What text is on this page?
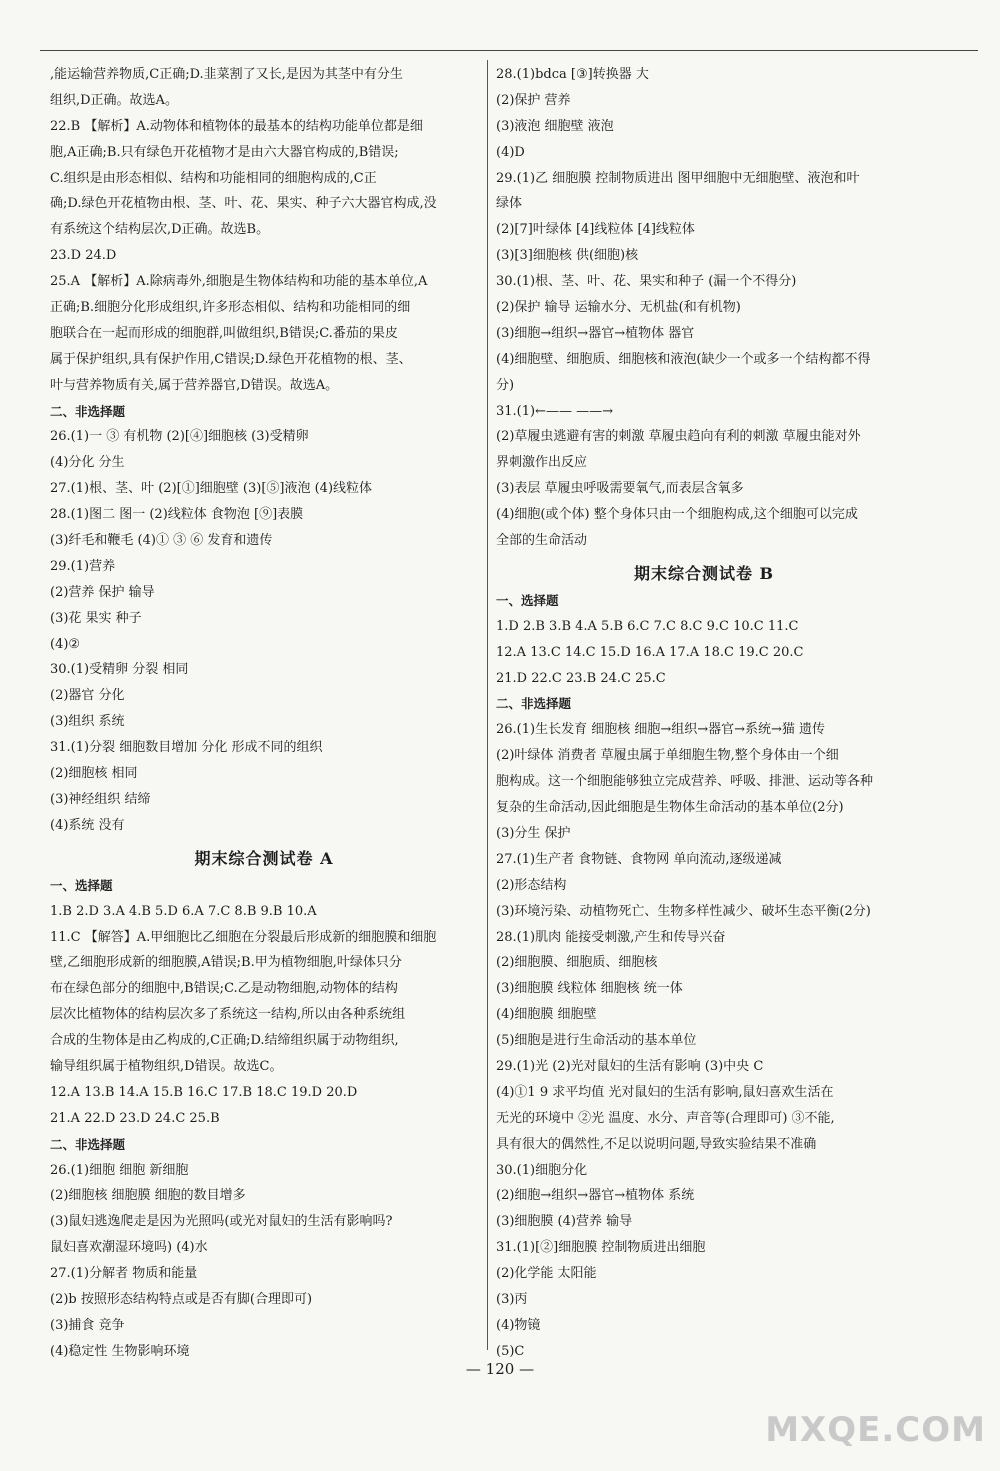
,能运输营养物质,C正确;D.韭菜割了又长,是因为其茎中有分生
组织,D正确。故选A。
22.B 【解析】A.动物体和植物体的最基本的结构功能单位都是细
胞,A正确;B.只有绿色开花植物才是由六大器官构成的,B错误;
C.组织是由形态相似、结构和功能相同的细胞构成的,C正
确;D.绿色开花植物由根、茎、叶、花、果实、种子六大器官构成,没
有系统这个结构层次,D正确。故选B。
23.D 24.D
25.A 【解析】A.除病毒外,细胞是生物体结构和功能的基本单位,A
正确;B.细胞分化形成组织,许多形态相似、结构和功能相同的细
胞联合在一起而形成的细胞群,叫做组织,B错误;C.番茄的果皮
属于保护组织,具有保护作用,C错误;D.绿色开花植物的根、茎、
叶与营养物质有关,属于营养器官,D错误。故选A。
二、非选择题
26.(1)一 ③ 有机物 (2)[④]细胞核 (3)受精卵
(4)分化 分生
27.(1)根、茎、叶 (2)[①]细胞壁 (3)[⑤]液泡 (4)线粒体
28.(1)图二 图一 (2)线粒体 食物泡 [⑨]表膜
(3)纤毛和鞭毛 (4)① ③ ⑥ 发育和遗传
29.(1)营养
(2)营养 保护 输导
(3)花 果实 种子
(4)②
30.(1)受精卵 分裂 相同
(2)器官 分化
(3)组织 系统
31.(1)分裂 细胞数目增加 分化 形成不同的组织
(2)细胞核 相同
(3)神经组织 结缔
(4)系统 没有
期末综合测试卷 A
一、选择题
1.B 2.D 3.A 4.B 5.D 6.A 7.C 8.B 9.B 10.A
11.C 【解答】A.甲细胞比乙细胞在分裂最后形成新的细胞膜和细胞
壁,乙细胞形成新的细胞膜,A错误;B.甲为植物细胞,叶绿体只分
布在绿色部分的细胞中,B错误;C.乙是动物细胞,动物体的结构
层次比植物体的结构层次多了系统这一结构,所以由各种系统组
合成的生物体是由乙构成的,C正确;D.结缔组织属于动物组织,
输导组织属于植物组织,D错误。故选C。
12.A 13.B 14.A 15.B 16.C 17.B 18.C 19.D 20.D
21.A 22.D 23.D 24.C 25.B
二、非选择题
26.(1)细胞 细胞 新细胞
(2)细胞核 细胞膜 细胞的数目增多
(3)鼠妇逃逸爬走是因为光照吗(或光对鼠妇的生活有影响吗?
鼠妇喜欢潮湿环境吗) (4)水
27.(1)分解者 物质和能量
(2)b 按照形态结构特点或是否有脚(合理即可)
(3)捕食 竞争
(4)稳定性 生物影响环境
28.(1)bdca [③]转换器 大
(2)保护 营养
(3)液泡 细胞壁 液泡
(4)D
29.(1)乙 细胞膜 控制物质进出 图甲细胞中无细胞壁、液泡和叶
绿体
(2)[7]叶绿体 [4]线粒体 [4]线粒体
(3)[3]细胞核 供(细胞)核
30.(1)根、茎、叶、花、果实和种子 (漏一个不得分)
(2)保护 输导 运输水分、无机盐(和有机物)
(3)细胞→组织→器官→植物体 器官
(4)细胞壁、细胞质、细胞核和液泡(缺少一个或多一个结构都不得
分)
31.(1)←—— ——→
(2)草履虫逃避有害的刺激 草履虫趋向有利的刺激 草履虫能对外
界刺激作出反应
(3)表层 草履虫呼吸需要氧气,而表层含氧多
(4)细胞(或个体) 整个身体只由一个细胞构成,这个细胞可以完成
全部的生命活动
期末综合测试卷 B
一、选择题
1.D 2.B 3.B 4.A 5.B 6.C 7.C 8.C 9.C 10.C 11.C
12.A 13.C 14.C 15.D 16.A 17.A 18.C 19.C 20.C
21.D 22.C 23.B 24.C 25.C
二、非选择题
26.(1)生长发育 细胞核 细胞→组织→器官→系统→猫 遗传
(2)叶绿体 消费者 草履虫属于单细胞生物,整个身体由一个细
胞构成。这一个细胞能够独立完成营养、呼吸、排泄、运动等各种
复杂的生命活动,因此细胞是生物体生命活动的基本单位(2分)
(3)分生 保护
27.(1)生产者 食物链、食物网 单向流动,逐级递减
(2)形态结构
(3)环境污染、动植物死亡、生物多样性减少、破坏生态平衡(2分)
28.(1)肌肉 能接受刺激,产生和传导兴奋
(2)细胞膜、细胞质、细胞核
(3)细胞膜 线粒体 细胞核 统一体
(4)细胞膜 细胞壁
(5)细胞是进行生命活动的基本单位
29.(1)光 (2)光对鼠妇的生活有影响 (3)中央 C
(4)①1 9 求平均值 光对鼠妇的生活有影响,鼠妇喜欢生活在
无光的环境中 ②光 温度、水分、声音等(合理即可) ③不能,
具有很大的偶然性,不足以说明问题,导致实验结果不准确
30.(1)细胞分化
(2)细胞→组织→器官→植物体 系统
(3)细胞膜 (4)营养 输导
31.(1)[②]细胞膜 控制物质进出细胞
(2)化学能 太阳能
(3)丙
(4)物镜
(5)C
— 120 —
MXQE.COM
